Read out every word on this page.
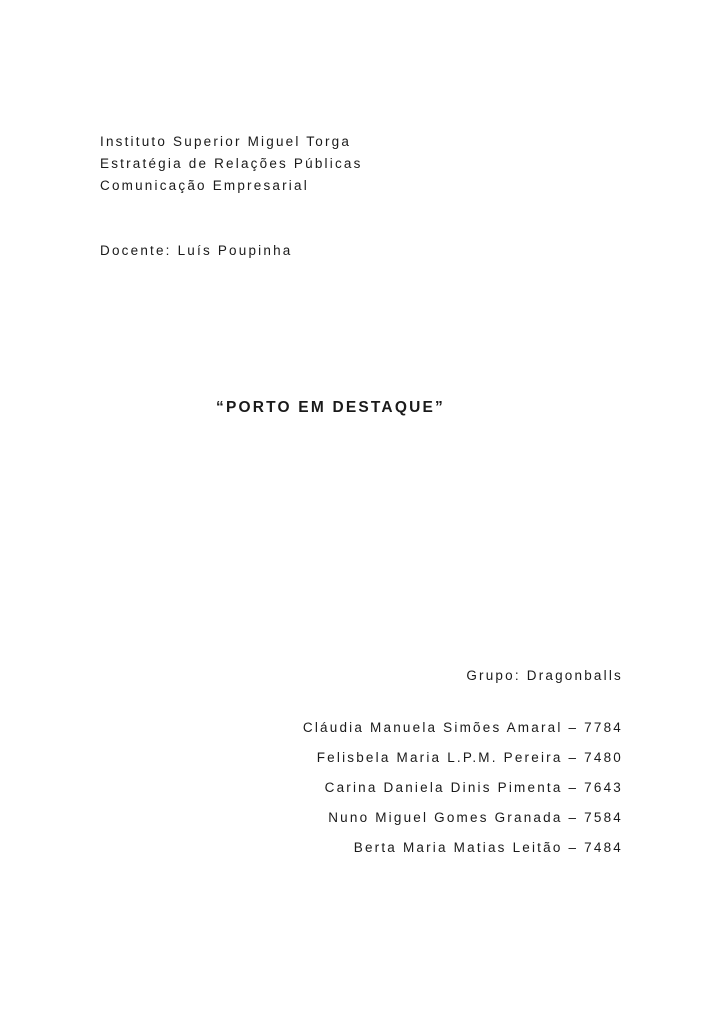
Instituto Superior Miguel Torga
Estratégia de Relações Públicas
Comunicação Empresarial
Docente: Luís Poupinha
“PORTO EM DESTAQUE”
Grupo: Dragonballs
Cláudia Manuela Simões Amaral – 7784
Felisbela Maria L.P.M. Pereira – 7480
Carina Daniela Dinis Pimenta – 7643
Nuno Miguel Gomes Granada – 7584
Berta Maria Matias Leitão – 7484
